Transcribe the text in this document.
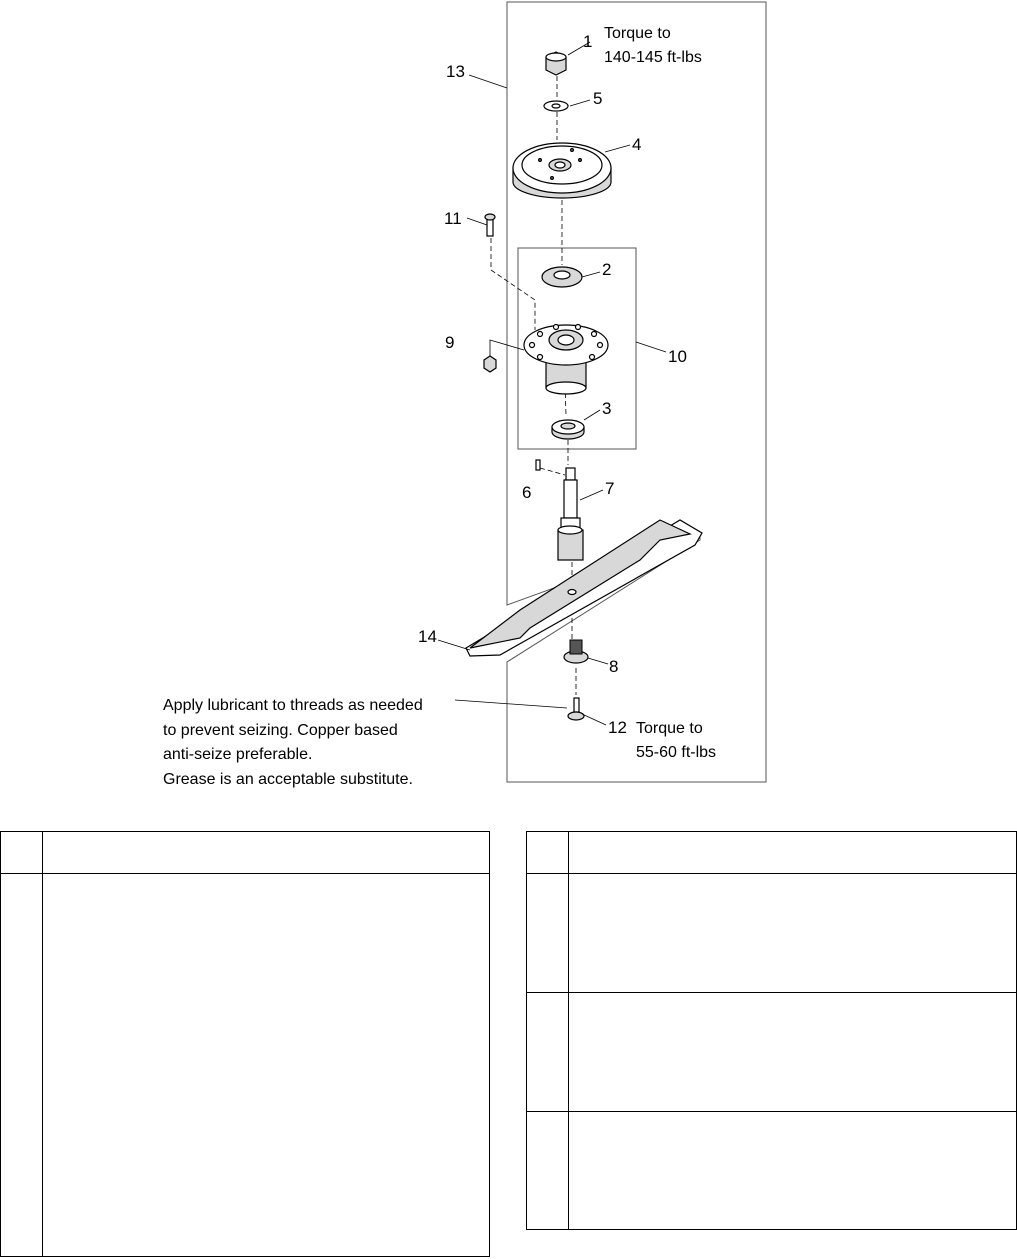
1
5
4
11
2
9
10
3
6	7
14
8
12
13
Torque to
140-145 ft-lbs
Torque to
55-60 ft-lbs
Apply lubricant to threads as needed
to prevent seizing. Copper based
anti-seize preferable.
Grease is an acceptable substitute.
